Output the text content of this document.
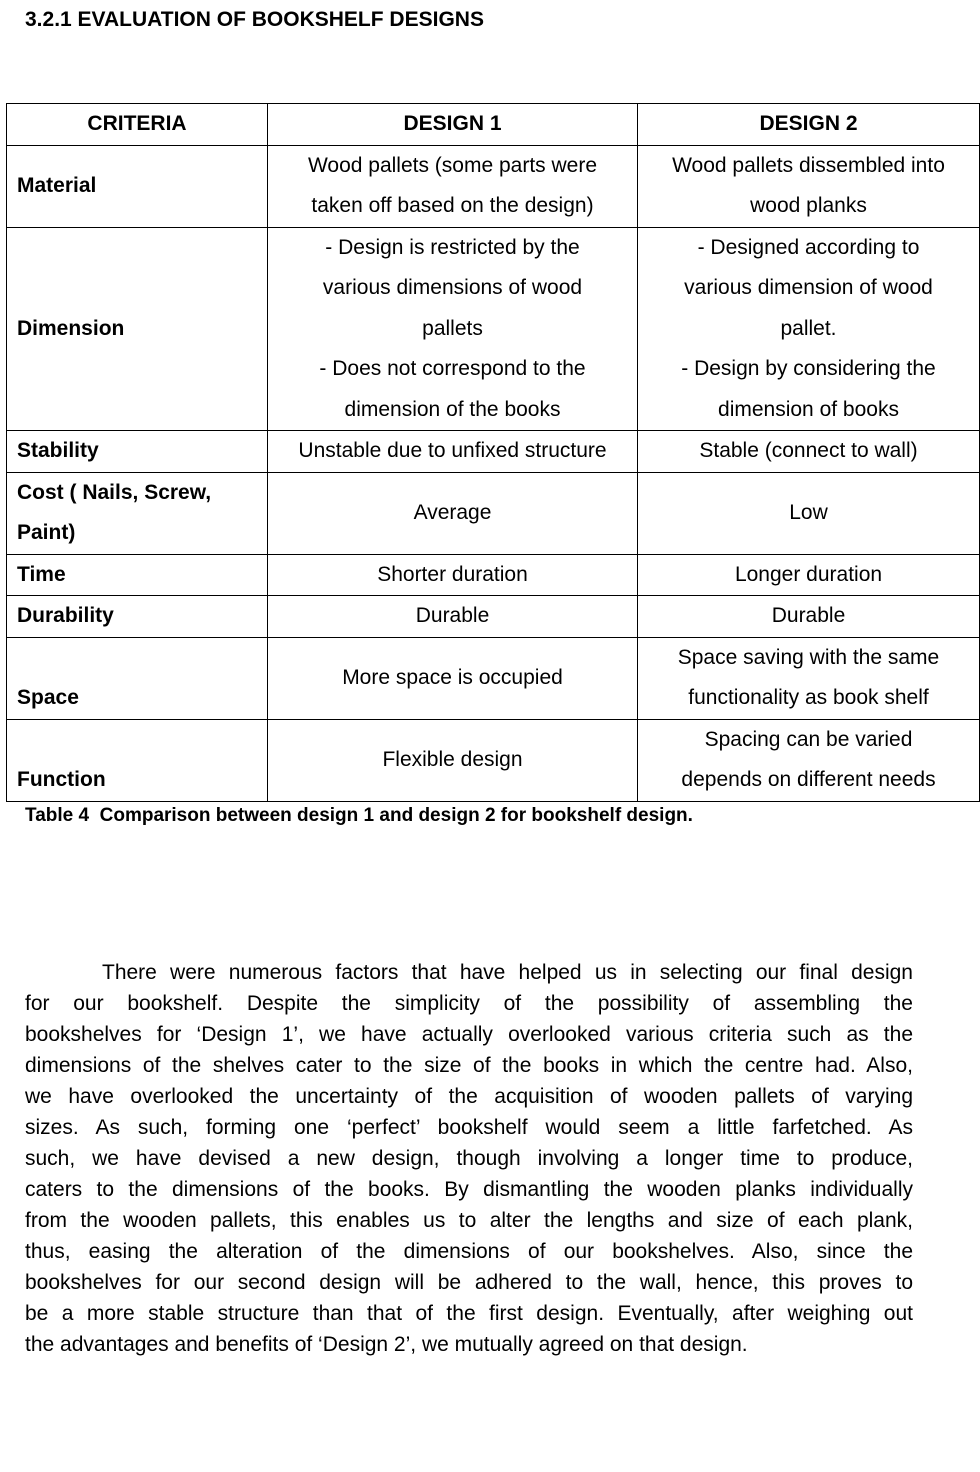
3.2.1 EVALUATION OF BOOKSHELF DESIGNS
CRITERIA	DESIGN 1	DESIGN 2

Material	Wood pallets (some parts were
taken off based on the design)	Wood pallets dissembled into
wood planks

Dimension	- Design is restricted by the
various dimensions of wood
pallets
- Does not correspond to the
dimension of the books	- Designed according to
various dimension of wood
pallet.
- Design by considering the
dimension of books

Stability	Unstable due to unfixed structure	Stable (connect to wall)

Cost ( Nails, Screw,
Paint)	Average	Low

Time	Shorter duration	Longer duration

Durability	Durable	Durable

Space	More space is occupied	Space saving with the same
functionality as book shelf

Function	Flexible design	Spacing can be varied
depends on different needs

Table 4  Comparison between design 1 and design 2 for bookshelf design.

There were numerous factors that have helped us in selecting our final design
for our bookshelf. Despite the simplicity of the possibility of assembling the
bookshelves for ‘Design 1’, we have actually overlooked various criteria such as the
dimensions of the shelves cater to the size of the books in which the centre had. Also,
we have overlooked the uncertainty of the acquisition of wooden pallets of varying
sizes. As such, forming one ‘perfect’ bookshelf would seem a little farfetched. As
such, we have devised a new design, though involving a longer time to produce,
caters to the dimensions of the books. By dismantling the wooden planks individually
from the wooden pallets, this enables us to alter the lengths and size of each plank,
thus, easing the alteration of the dimensions of our bookshelves. Also, since the
bookshelves for our second design will be adhered to the wall, hence, this proves to
be a more stable structure than that of the first design. Eventually, after weighing out
the advantages and benefits of ‘Design 2’, we mutually agreed on that design.
